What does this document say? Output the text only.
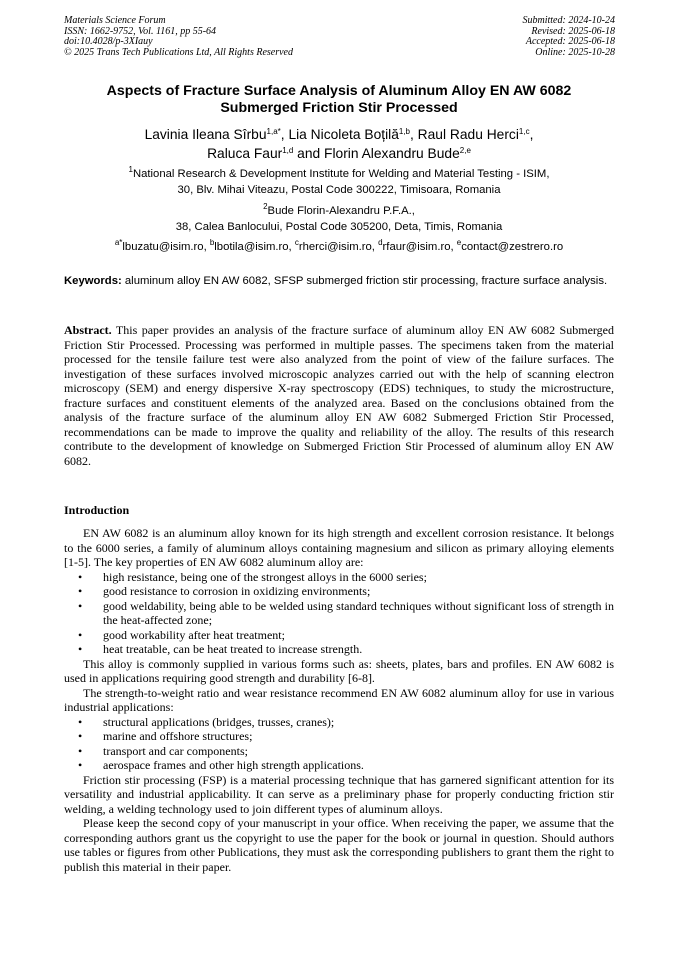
Materials Science Forum
ISSN: 1662-9752, Vol. 1161, pp 55-64
doi:10.4028/p-3XIauy
© 2025 Trans Tech Publications Ltd, All Rights Reserved
Submitted: 2024-10-24
Revised: 2025-06-18
Accepted: 2025-06-18
Online: 2025-10-28
Aspects of Fracture Surface Analysis of Aluminum Alloy EN AW 6082
Submerged Friction Stir Processed
Lavinia Ileana Sîrbu$^{1,a*}$, Lia Nicoleta Boțilă$^{1,b}$, Raul Radu Herci$^{1,c}$,
Raluca Faur$^{1,d}$ and Florin Alexandru Bude$^{2,e}$
$^1$National Research & Development Institute for Welding and Material Testing - ISIM,
30, Blv. Mihai Viteazu, Postal Code 300222, Timisoara, Romania
$^2$Bude Florin-Alexandru P.F.A.,
38, Calea Banlocului, Postal Code 305200, Deta, Timis, Romania
$^{a*}$lbuzatu@isim.ro, $^b$lbotila@isim.ro, $^c$rherci@isim.ro, $^d$rfaur@isim.ro, $^e$contact@zestrero.ro
Keywords: aluminum alloy EN AW 6082, SFSP submerged friction stir processing, fracture surface analysis.
Abstract. This paper provides an analysis of the fracture surface of aluminum alloy EN AW 6082 Submerged Friction Stir Processed. Processing was performed in multiple passes. The specimens taken from the material processed for the tensile failure test were also analyzed from the point of view of the failure surfaces. The investigation of these surfaces involved microscopic analyzes carried out with the help of scanning electron microscopy (SEM) and energy dispersive X-ray spectroscopy (EDS) techniques, to study the microstructure, fracture surfaces and constituent elements of the analyzed area. Based on the conclusions obtained from the analysis of the fracture surface of the aluminum alloy EN AW 6082 Submerged Friction Stir Processed, recommendations can be made to improve the quality and reliability of the alloy. The results of this research contribute to the development of knowledge on Submerged Friction Stir Processed of aluminum alloy EN AW 6082.
Introduction

EN AW 6082 is an aluminum alloy known for its high strength and excellent corrosion resistance. It belongs to the 6000 series, a family of aluminum alloys containing magnesium and silicon as primary alloying elements [1-5]. The key properties of EN AW 6082 aluminum alloy are:

• high resistance, being one of the strongest alloys in the 6000 series;
• good resistance to corrosion in oxidizing environments;
• good weldability, being able to be welded using standard techniques without significant loss of strength in the heat-affected zone;
• good workability after heat treatment;
• heat treatable, can be heat treated to increase strength.

This alloy is commonly supplied in various forms such as: sheets, plates, bars and profiles. EN AW 6082 is used in applications requiring good strength and durability [6-8].

The strength-to-weight ratio and wear resistance recommend EN AW 6082 aluminum alloy for use in various industrial applications:

• structural applications (bridges, trusses, cranes);
• marine and offshore structures;
• transport and car components;
• aerospace frames and other high strength applications.

Friction stir processing (FSP) is a material processing technique that has garnered significant attention for its versatility and industrial applicability. It can serve as a preliminary phase for properly conducting friction stir welding, a welding technology used to join different types of aluminum alloys.

Please keep the second copy of your manuscript in your office. When receiving the paper, we assume that the corresponding authors grant us the copyright to use the paper for the book or journal in question. Should authors use tables or figures from other Publications, they must ask the corresponding publishers to grant them the right to publish this material in their paper.
